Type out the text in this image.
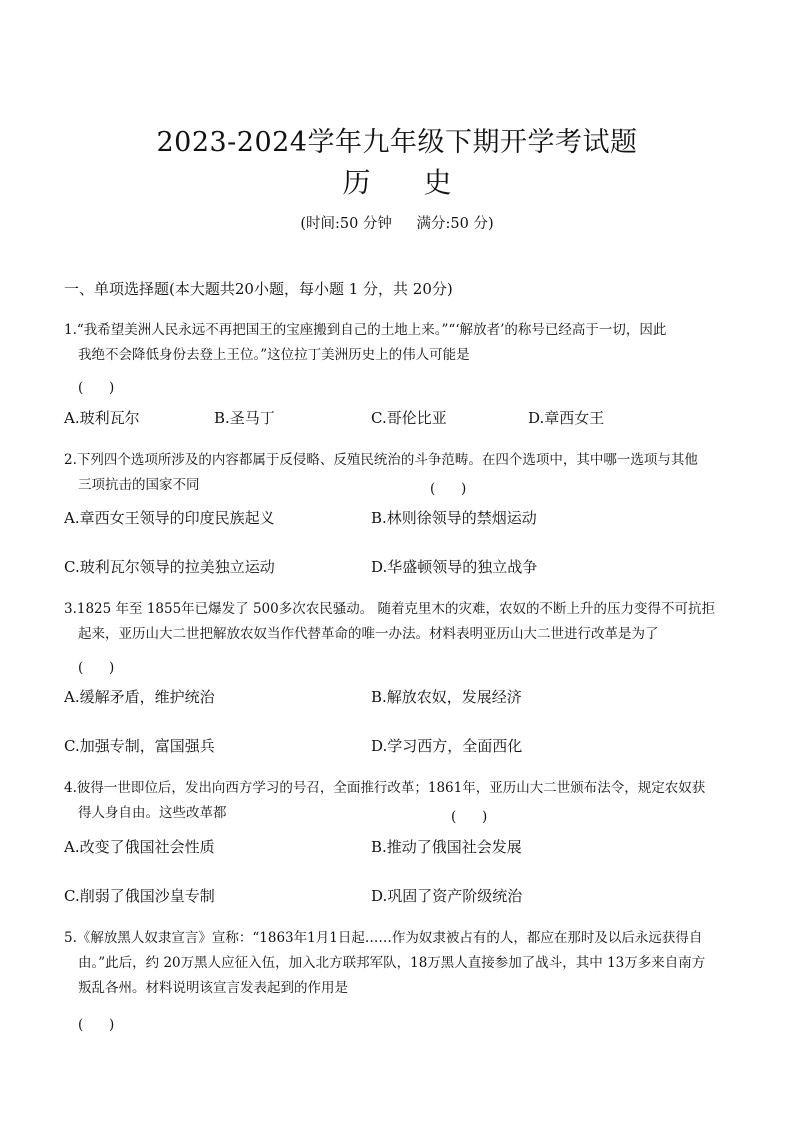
2023-2024学年九年级下期开学考试题
历 史
(时间:50 分钟 满分:50 分)
一、单项选择题(本大题共20小题，每小题 1 分，共 20分)
1.“我希望美洲人民永远不再把国王的宝座搬到自己的土地上来。”“‘解放者’的称号已经高于一切，因此

我绝不会降低身份去登上王位。”这位拉丁美洲历史上的伟人可能是
(      )
A.玻利瓦尔	B.圣马丁	C.哥伦比亚	D.章西女王
2.下列四个选项所涉及的内容都属于反侵略、反殖民统治的斗争范畴。在四个选项中，其中哪一选项与其他

三项抗击的国家不同	(      )
A.章西女王领导的印度民族起义	B.林则徐领导的禁烟运动
C.玻利瓦尔领导的拉美独立运动	D.华盛顿领导的独立战争
3.1825 年至 1855年已爆发了 500多次农民骚动。 随着克里木的灾难，农奴的不断上升的压力变得不可抗拒

起来，亚历山大二世把解放农奴当作代替革命的唯一办法。材料表明亚历山大二世进行改革是为了
(      )
A.缓解矛盾，维护统治	B.解放农奴，发展经济
C.加强专制，富国强兵	D.学习西方，全面西化
4.彼得一世即位后，发出向西方学习的号召，全面推行改革；1861年，亚历山大二世颁布法令，规定农奴获

得人身自由。这些改革都	(      )
A.改变了俄国社会性质	B.推动了俄国社会发展
C.削弱了俄国沙皇专制	D.巩固了资产阶级统治
5.《解放黑人奴隶宣言》宣称：“1863年1月1日起……作为奴隶被占有的人，都应在那时及以后永远获得自

由。”此后，约 20万黑人应征入伍，加入北方联邦军队，18万黑人直接参加了战斗，其中 13万多来自南方
叛乱各州。材料说明该宣言发表起到的作用是
(      )
